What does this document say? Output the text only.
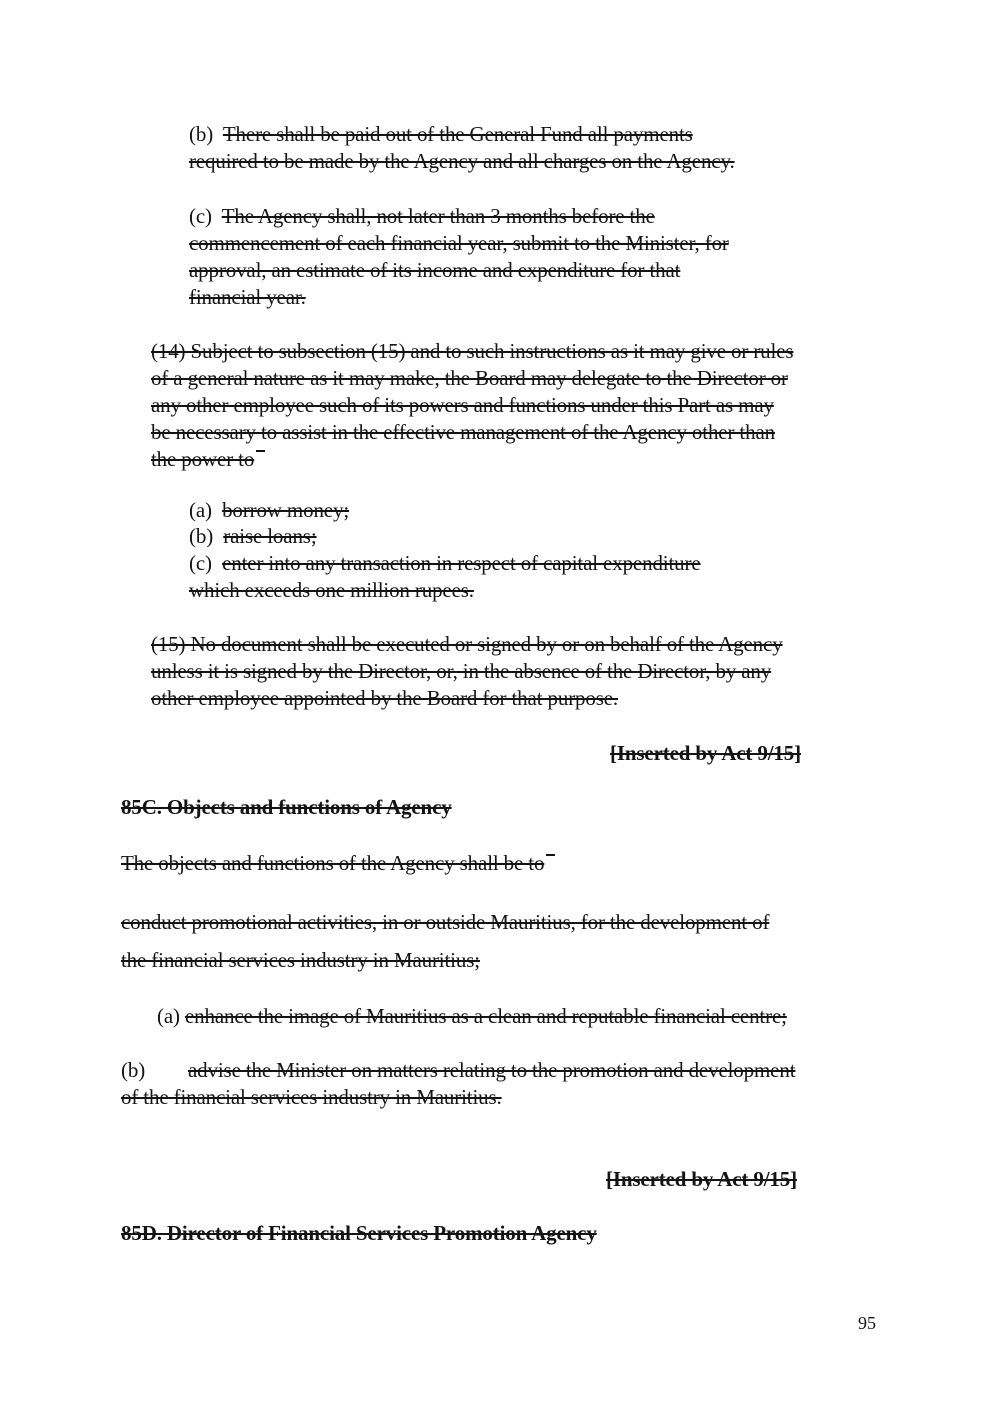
(b) There shall be paid out of the General Fund all payments
required to be made by the Agency and all charges on the Agency.
(c) The Agency shall, not later than 3 months before the
commencement of each financial year, submit to the Minister, for
approval, an estimate of its income and expenditure for that
financial year.
(14) Subject to subsection (15) and to such instructions as it may give or rules
of a general nature as it may make, the Board may delegate to the Director or
any other employee such of its powers and functions under this Part as may
be necessary to assist in the effective management of the Agency other than
the power to
(a) borrow money;
(b) raise loans;
(c) enter into any transaction in respect of capital expenditure
which exceeds one million rupees.
(15) No document shall be executed or signed by or on behalf of the Agency
unless it is signed by the Director, or, in the absence of the Director, by any
other employee appointed by the Board for that purpose.
[Inserted by Act 9/15]
85C. Objects and functions of Agency
The objects and functions of the Agency shall be to
conduct promotional activities, in or outside Mauritius, for the development of
the financial services industry in Mauritius;
(a) enhance the image of Mauritius as a clean and reputable financial centre;
(b) advise the Minister on matters relating to the promotion and development
of the financial services industry in Mauritius.
[Inserted by Act 9/15]
85D. Director of Financial Services Promotion Agency
95
